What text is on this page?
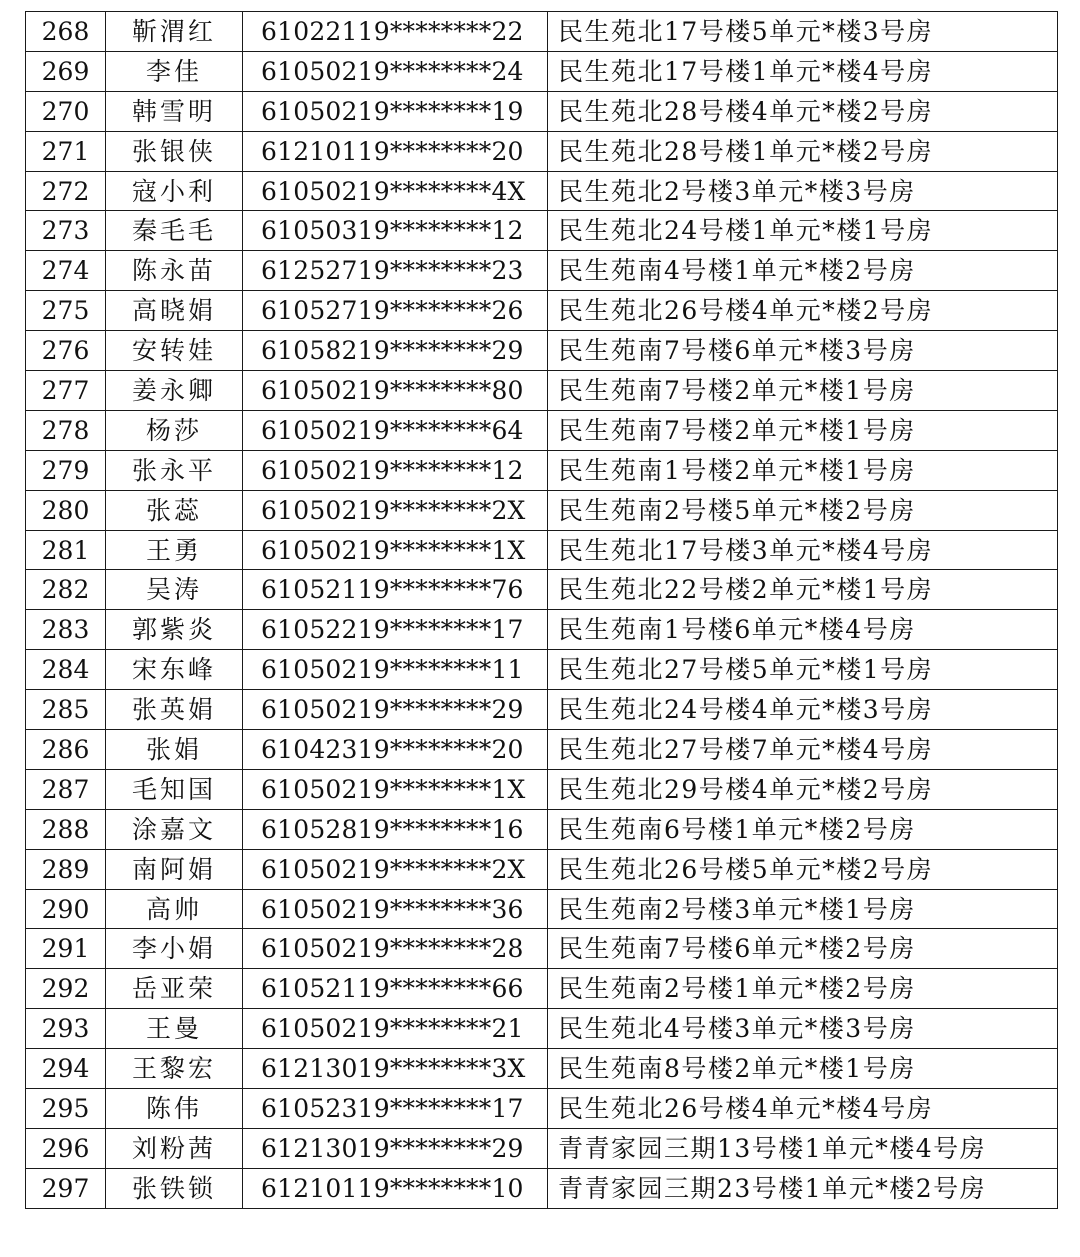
268	靳渭红	61022119********22	民生苑北17号楼5单元*楼3号房
269	李佳	61050219********24	民生苑北17号楼1单元*楼4号房
270	韩雪明	61050219********19	民生苑北28号楼4单元*楼2号房
271	张银侠	61210119********20	民生苑北28号楼1单元*楼2号房
272	寇小利	61050219********4X	民生苑北2号楼3单元*楼3号房
273	秦毛毛	61050319********12	民生苑北24号楼1单元*楼1号房
274	陈永苗	61252719********23	民生苑南4号楼1单元*楼2号房
275	高晓娟	61052719********26	民生苑北26号楼4单元*楼2号房
276	安转娃	61058219********29	民生苑南7号楼6单元*楼3号房
277	姜永卿	61050219********80	民生苑南7号楼2单元*楼1号房
278	杨莎	61050219********64	民生苑南7号楼2单元*楼1号房
279	张永平	61050219********12	民生苑南1号楼2单元*楼1号房
280	张蕊	61050219********2X	民生苑南2号楼5单元*楼2号房
281	王勇	61050219********1X	民生苑北17号楼3单元*楼4号房
282	吴涛	61052119********76	民生苑北22号楼2单元*楼1号房
283	郭紫炎	61052219********17	民生苑南1号楼6单元*楼4号房
284	宋东峰	61050219********11	民生苑北27号楼5单元*楼1号房
285	张英娟	61050219********29	民生苑北24号楼4单元*楼3号房
286	张娟	61042319********20	民生苑北27号楼7单元*楼4号房
287	毛知国	61050219********1X	民生苑北29号楼4单元*楼2号房
288	涂嘉文	61052819********16	民生苑南6号楼1单元*楼2号房
289	南阿娟	61050219********2X	民生苑北26号楼5单元*楼2号房
290	高帅	61050219********36	民生苑南2号楼3单元*楼1号房
291	李小娟	61050219********28	民生苑南7号楼6单元*楼2号房
292	岳亚荣	61052119********66	民生苑南2号楼1单元*楼2号房
293	王曼	61050219********21	民生苑北4号楼3单元*楼3号房
294	王黎宏	61213019********3X	民生苑南8号楼2单元*楼1号房
295	陈伟	61052319********17	民生苑北26号楼4单元*楼4号房
296	刘粉茜	61213019********29	青青家园三期13号楼1单元*楼4号房
297	张铁锁	61210119********10	青青家园三期23号楼1单元*楼2号房
